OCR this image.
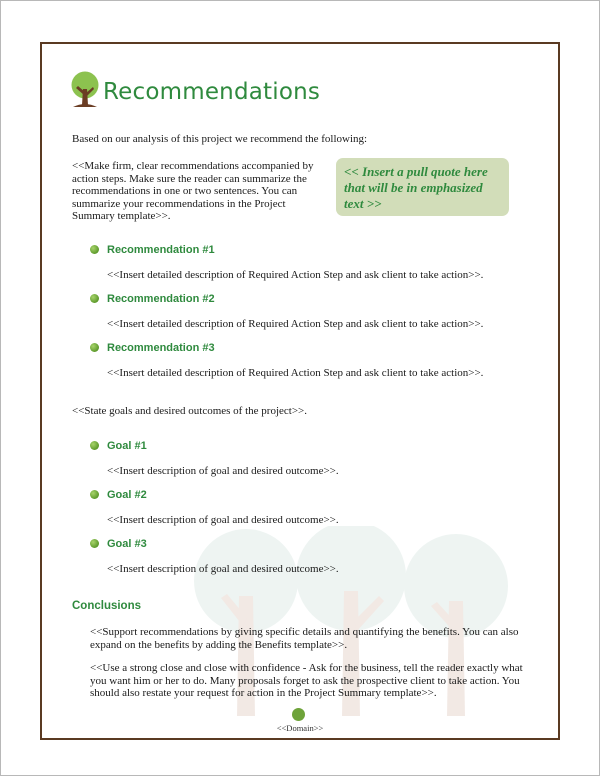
Recommendations
Based on our analysis of this project we recommend the following:
<<Make firm, clear recommendations accompanied by
action steps. Make sure the reader can summarize the
recommendations in one or two sentences. You can
summarize your recommendations in the Project
Summary template>>.
<< Insert a pull quote here
that will be in emphasized
text >>
Recommendation #1
<<Insert detailed description of Required Action Step and ask client to take action>>.
Recommendation #2
<<Insert detailed description of Required Action Step and ask client to take action>>.
Recommendation #3
<<Insert detailed description of Required Action Step and ask client to take action>>.
<<State goals and desired outcomes of the project>>.
Goal #1
<<Insert description of goal and desired outcome>>.
Goal #2
<<Insert description of goal and desired outcome>>.
Goal #3
<<Insert description of goal and desired outcome>>.
Conclusions
<<Support recommendations by giving specific details and quantifying the benefits. You can also
expand on the benefits by adding the Benefits template>>.
<<Use a strong close and close with confidence - Ask for the business, tell the reader exactly what
you want him or her to do. Many proposals forget to ask the prospective client to take action. You
should also restate your request for action in the Project Summary template>>.
<<Domain>>
